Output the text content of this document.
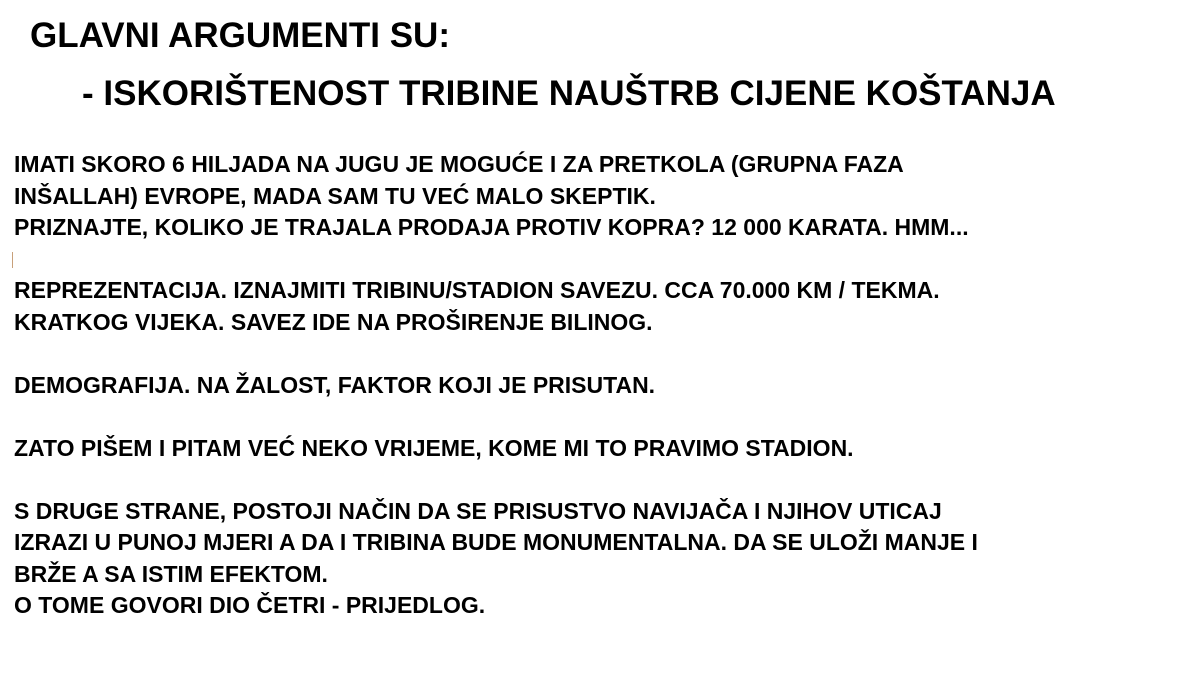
GLAVNI ARGUMENTI SU:
- ISKORIŠTENOST TRIBINE NAUŠTRB CIJENE KOŠTANJA

IMATI SKORO 6 HILJADA NA JUGU JE MOGUĆE I ZA PRETKOLA (GRUPNA FAZA

INŠALLAH) EVROPE, MADA SAM TU VEĆ MALO SKEPTIK.

PRIZNAJTE, KOLIKO JE TRAJALA PRODAJA PROTIV KOPRA? 12 000 KARATA. HMM...

REPREZENTACIJA. IZNAJMITI TRIBINU/STADION SAVEZU. CCA 70.000 KM / TEKMA.

KRATKOG VIJEKA. SAVEZ IDE NA PROŠIRENJE BILINOG.

DEMOGRAFIJA. NA ŽALOST, FAKTOR KOJI JE PRISUTAN.

ZATO PIŠEM I PITAM VEĆ NEKO VRIJEME, KOME MI TO PRAVIMO STADION.

S DRUGE STRANE, POSTOJI NAČIN DA SE PRISUSTVO NAVIJAČA I NJIHOV UTICAJ

IZRAZI U PUNOJ MJERI A DA I TRIBINA BUDE MONUMENTALNA. DA SE ULOŽI MANJE I

BRŽE A SA ISTIM EFEKTOM.

O TOME GOVORI DIO ČETRI - PRIJEDLOG.
